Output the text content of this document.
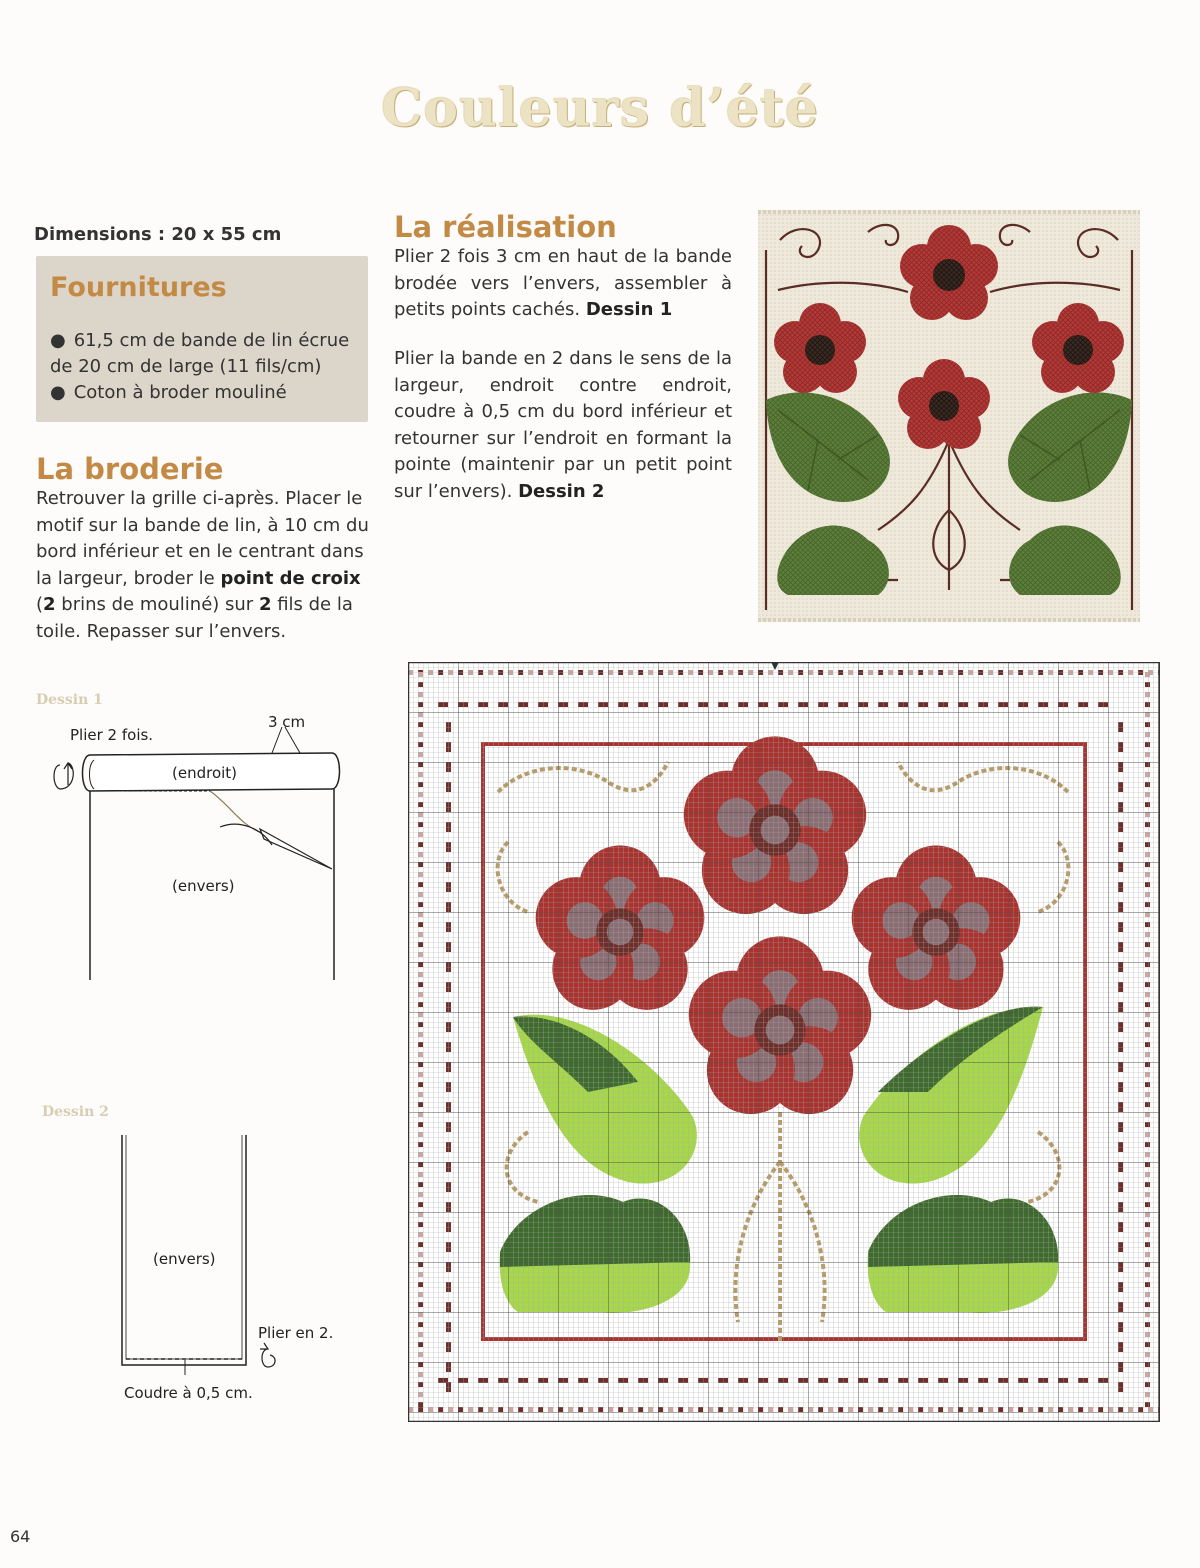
Couleurs d’été
Dimensions : 20 x 55 cm
Fournitures
● 61,5 cm de bande de lin écrue de 20 cm de large (11 fils/cm)
● Coton à broder mouliné
La broderie

Retrouver la grille ci-après. Placer le motif sur la bande de lin, à 10 cm du bord inférieur et en le centrant dans la largeur, broder le point de croix (2 brins de mouliné) sur 2 fils de la toile. Repasser sur l’envers.

La réalisation

Plier 2 fois 3 cm en haut de la bande brodée vers l’envers, assembler à petits points cachés. Dessin 1

Plier la bande en 2 dans le sens de la largeur, endroit contre endroit, coudre à 0,5 cm du bord inférieur et retourner sur l’endroit en formant la pointe (maintenir par un petit point sur l’envers). Dessin 2

Dessin 1
Plier 2 fois.
3 cm
(endroit)
(envers)
Dessin 2
(envers)
Plier en 2.
Coudre à 0,5 cm.
64
